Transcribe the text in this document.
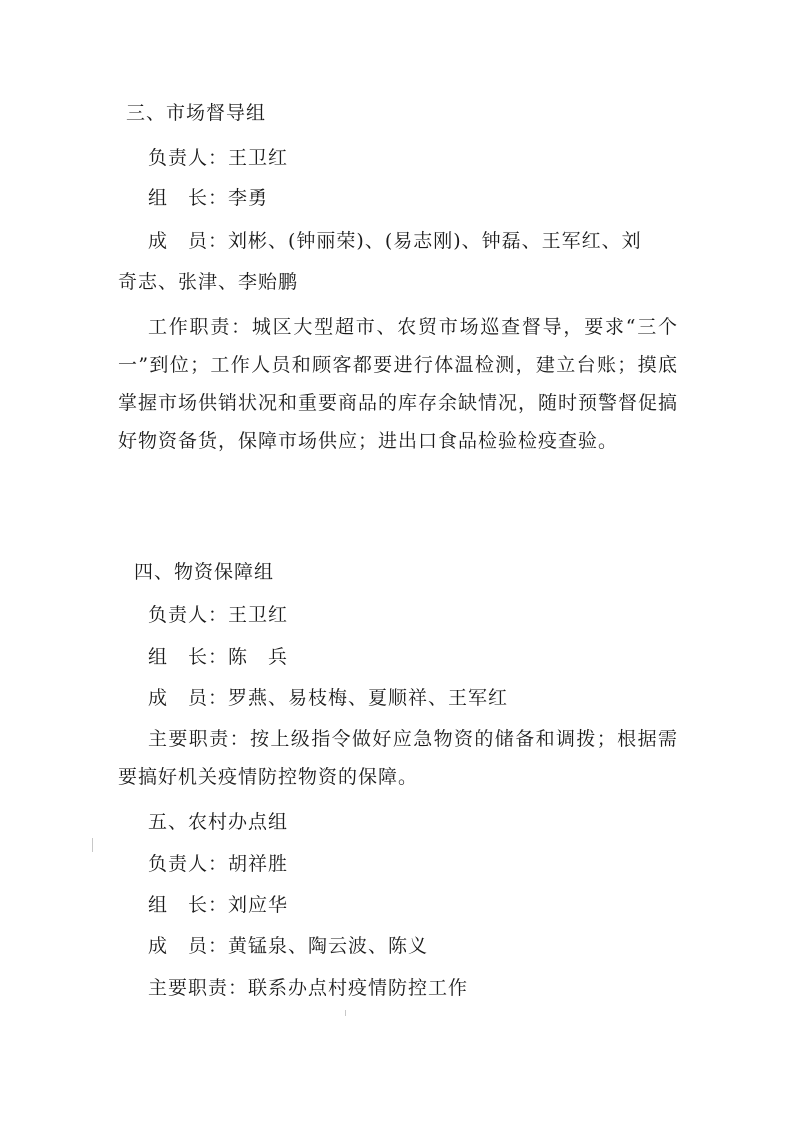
三、市场督导组
负责人：王卫红
组　长：李勇
成　员：刘彬、(钟丽荣)、(易志刚)、钟磊、王军红、刘
奇志、张津、李贻鹏
工作职责：城区大型超市、农贸市场巡查督导，要求“三个一”到位；工作人员和顾客都要进行体温检测，建立台账；摸底掌握市场供销状况和重要商品的库存余缺情况，随时预警督促搞好物资备货，保障市场供应；进出口食品检验检疫查验。
四、物资保障组
负责人：王卫红
组　长：陈　兵
成　员：罗燕、易枝梅、夏顺祥、王军红
主要职责：按上级指令做好应急物资的储备和调拨；根据需要搞好机关疫情防控物资的保障。
五、农村办点组
负责人：胡祥胜
组　长：刘应华
成　员：黄锰泉、陶云波、陈义
主要职责：联系办点村疫情防控工作
